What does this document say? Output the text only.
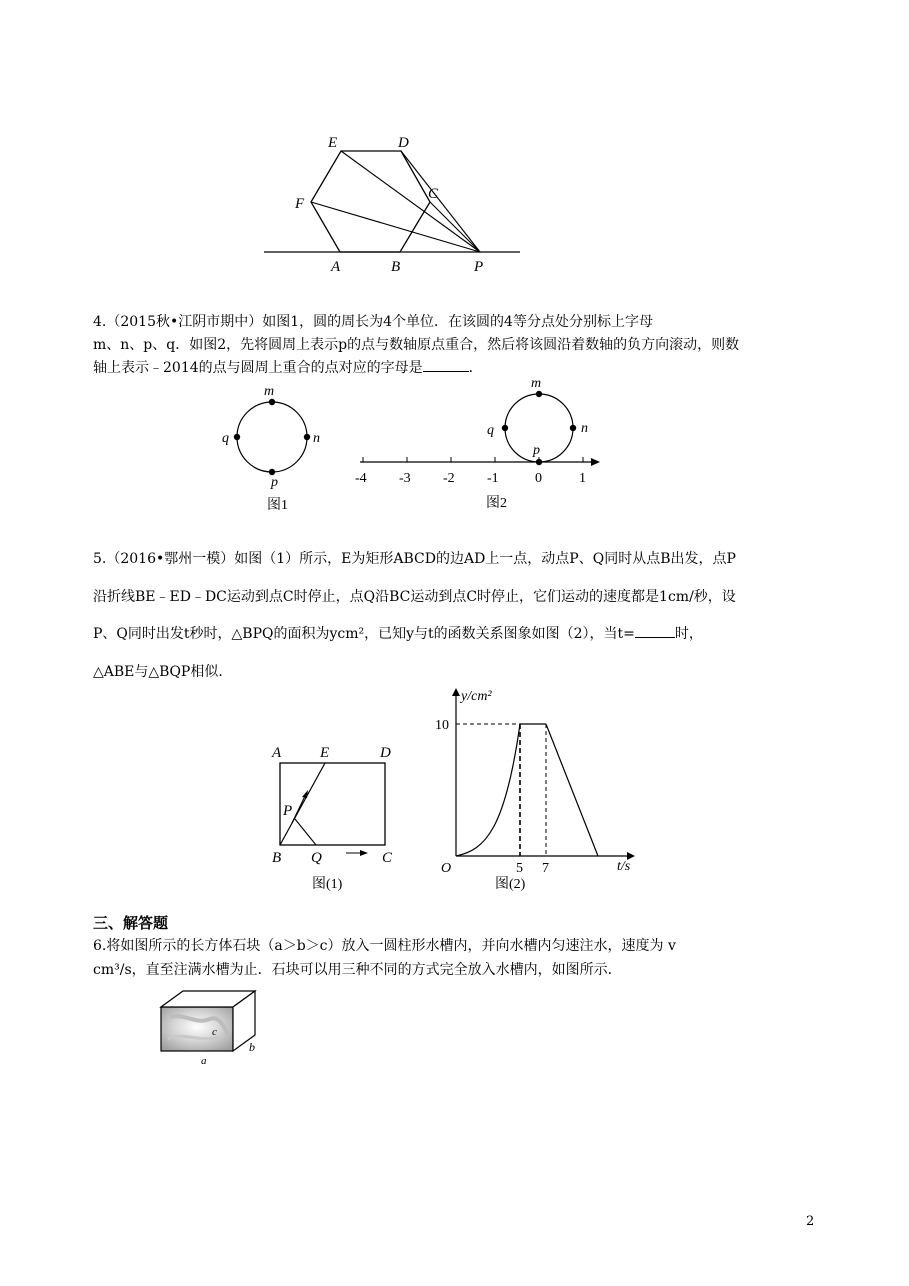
E	D
C
F
A	B	P
4.（2015秋•江阴市期中）如图1，圆的周长为4个单位．在该圆的4等分点处分别标上字母
m、n、p、q．如图2，先将圆周上表示p的点与数轴原点重合，然后将该圆沿着数轴的负方向滚动，则数
轴上表示﹣2014的点与圆周上重合的点对应的字母是	．
m
n
p
q
图1
-4 -3 -2 -1	0	1
m
n
p
q
图2
5.（2016•鄂州一模）如图（1）所示，E为矩形ABCD的边AD上一点，动点P、Q同时从点B出发，点P
沿折线BE﹣ED﹣DC运动到点C时停止，点Q沿BC运动到点C时停止，它们运动的速度都是1cm/秒，设
P、Q同时出发t秒时，△BPQ的面积为ycm²，已知y与t的函数关系图象如图（2），当t=	时，
△ABE与△BQP相似．
A	E	D
P
B Q	C
图(1)
y/cm²
10
O	5 7	t/s
图(2)
三、解答题
6.将如图所示的长方体石块（a＞b＞c）放入一圆柱形水槽内，并向水槽内匀速注水，速度为 v
cm³/s，直至注满水槽为止．石块可以用三种不同的方式完全放入水槽内，如图所示．
c
b
a
2
